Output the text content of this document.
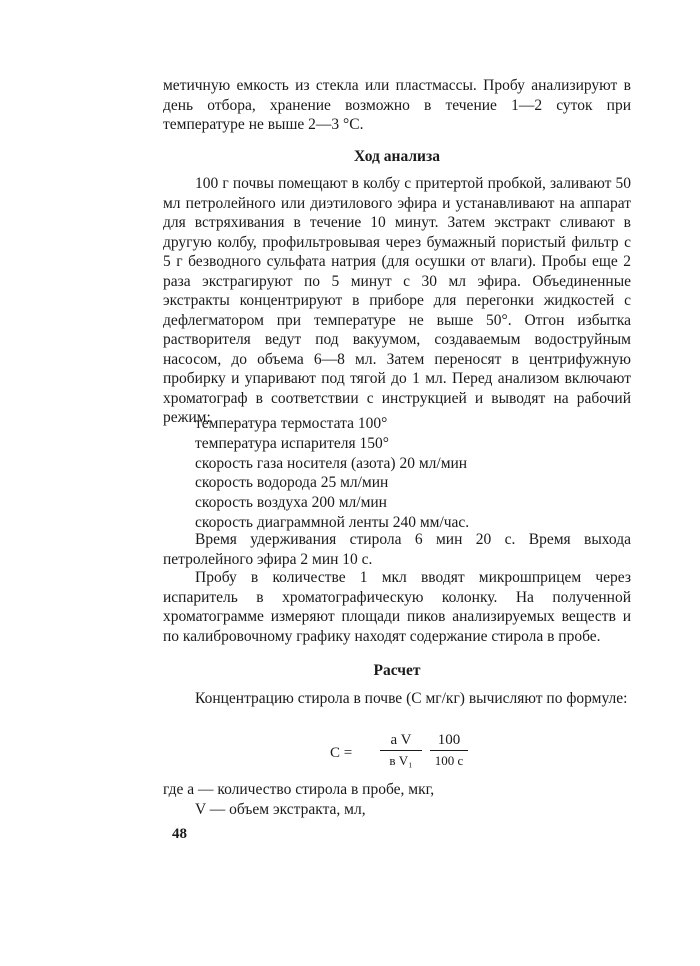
метичную емкость из стекла или пластмассы. Пробу анализируют в день отбора, хранение возможно в течение 1—2 суток при температуре не выше 2—3 °С.

Ход анализа

100 г почвы помещают в колбу с притертой пробкой, заливают 50 мл петролейного или диэтилового эфира и устанавливают на аппарат для встряхивания в течение 10 минут. Затем экстракт сливают в другую колбу, профильтровывая через бумажный пористый фильтр с 5 г безводного сульфата натрия (для осушки от влаги). Пробы еще 2 раза экстрагируют по 5 минут с 30 мл эфира. Объединенные экстракты концентрируют в приборе для перегонки жидкостей с дефлегматором при температуре не выше 50°. Отгон избытка растворителя ведут под вакуумом, создаваемым водоструйным насосом, до объема 6—8 мл. Затем переносят в центрифужную пробирку и упаривают под тягой до 1 мл. Перед анализом включают хроматограф в соответствии с инструкцией и выводят на рабочий режим:

температура термостата 100°
температура испарителя 150°
скорость газа носителя (азота) 20 мл/мин
скорость водорода 25 мл/мин
скорость воздуха 200 мл/мин
скорость диаграммной ленты 240 мм/час.

Время удерживания стирола 6 мин 20 с. Время выхода петролейного эфира 2 мин 10 с.

Пробу в количестве 1 мкл вводят микрошприцем через испаритель в хроматографическую колонку. На полученной хроматограмме измеряют площади пиков анализируемых веществ и по калибровочному графику находят содержание стирола в пробе.

Расчет

Концентрацию стирола в почве (С мг/кг) вычисляют по формуле:

C =
a V
в V₁
100
100 с

где a — количество стирола в пробе, мкг,

V — объем экстракта, мл,

48
